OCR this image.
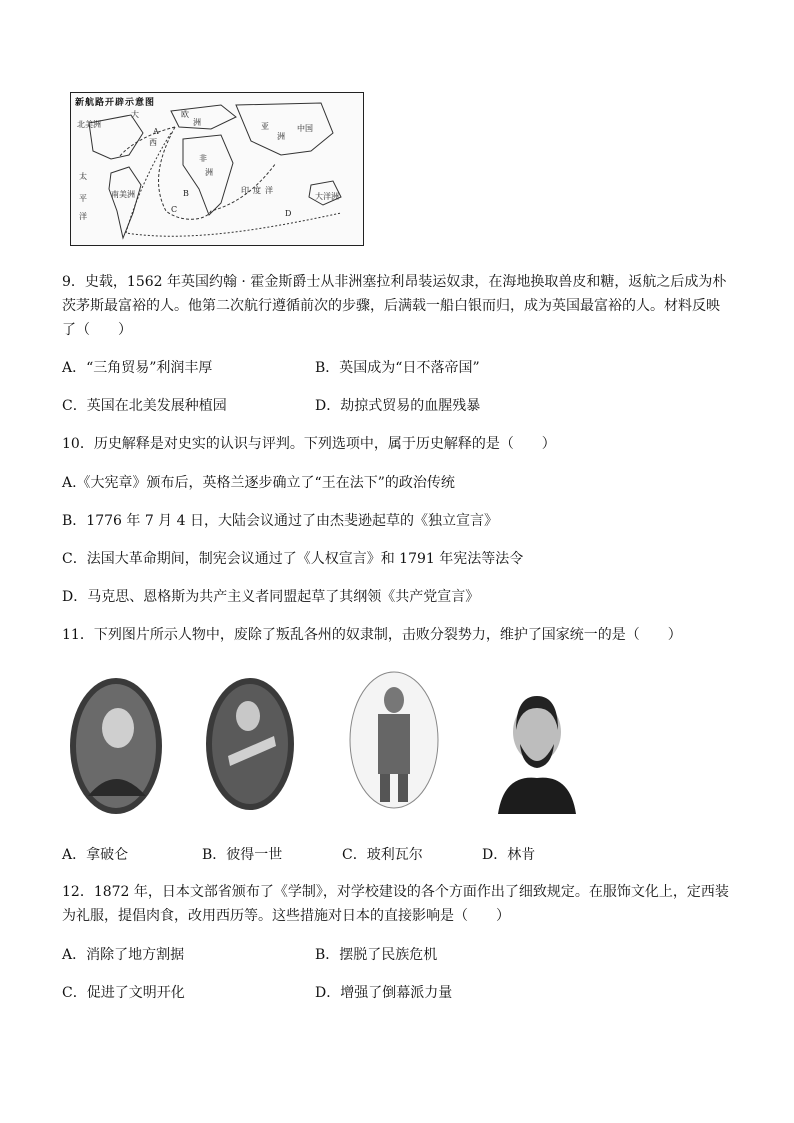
新航路开辟示意图
北美洲
大
西
欧
洲	亚
洲
中国
非
洲
印 度 洋
太
平
洋
大洋洲
A
B
C	D
南美洲
9．史载，1562 年英国约翰 · 霍金斯爵士从非洲塞拉利昂装运奴隶，在海地换取兽皮和糖，返航之后成为朴
茨茅斯最富裕的人。他第二次航行遵循前次的步骤，后满载一船白银而归，成为英国最富裕的人。材料反映
了（　　）
A．“三角贸易”利润丰厚	B．英国成为“日不落帝国”
C．英国在北美发展种植园	D．劫掠式贸易的血腥残暴
10．历史解释是对史实的认识与评判。下列选项中，属于历史解释的是（　　）
A.《大宪章》颁布后，英格兰逐步确立了“王在法下”的政治传统
B．1776 年 7 月 4 日，大陆会议通过了由杰斐逊起草的《独立宣言》
C．法国大革命期间，制宪会议通过了《人权宣言》和 1791 年宪法等法令
D．马克思、恩格斯为共产主义者同盟起草了其纲领《共产党宣言》
11．下列图片所示人物中，废除了叛乱各州的奴隶制，击败分裂势力，维护了国家统一的是（　　）
A．拿破仑	B．彼得一世	C．玻利瓦尔	D．林肯
12．1872 年，日本文部省颁布了《学制》，对学校建设的各个方面作出了细致规定。在服饰文化上，定西装
为礼服，提倡肉食，改用西历等。这些措施对日本的直接影响是（　　）
A．消除了地方割据	B．摆脱了民族危机
C．促进了文明开化	D．增强了倒幕派力量
